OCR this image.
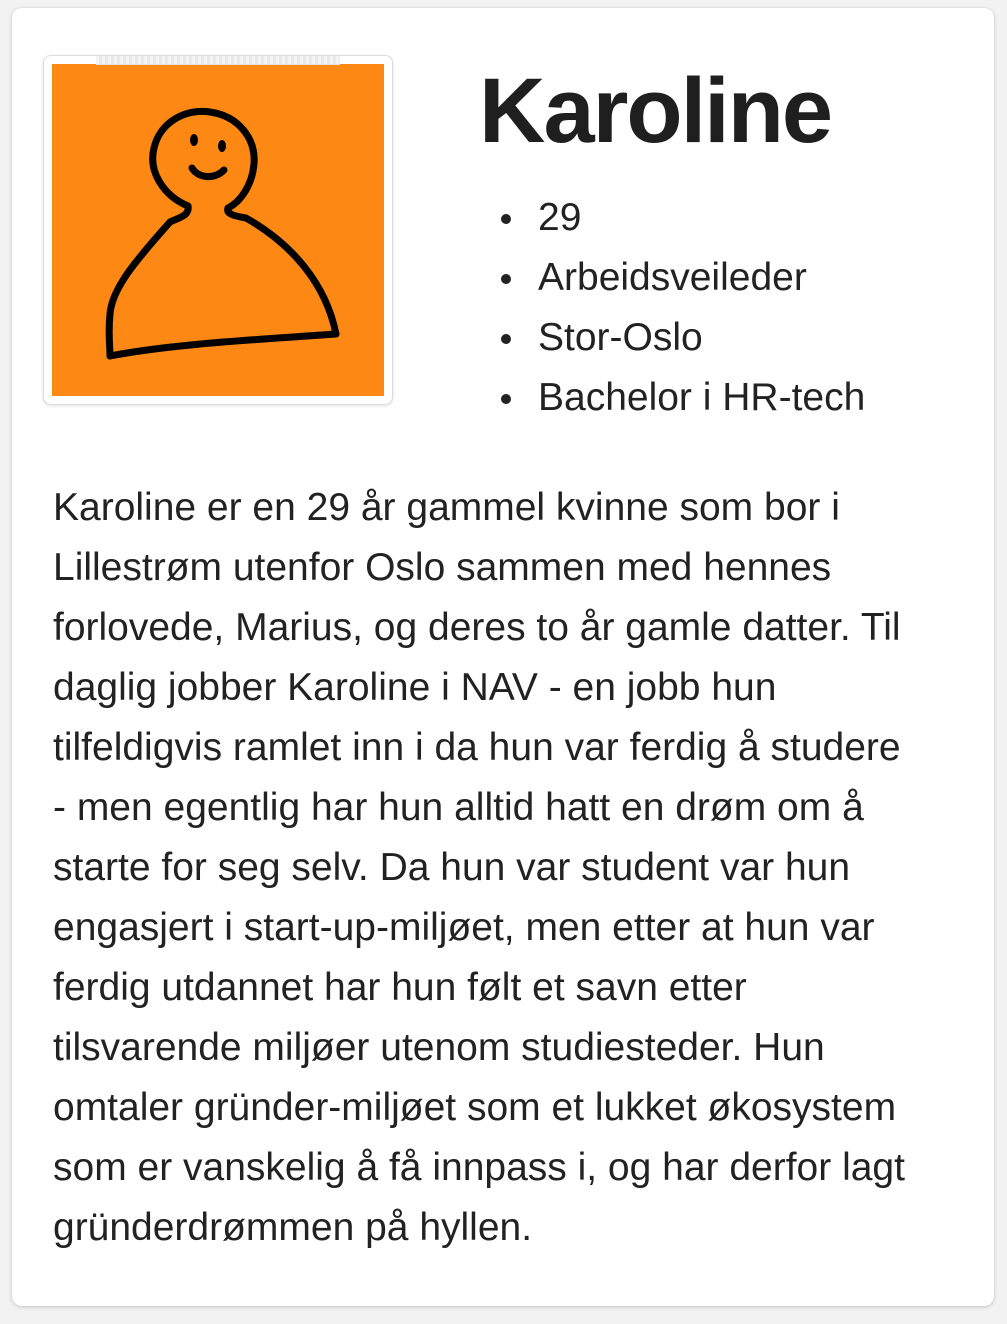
Karoline
29
Arbeidsveileder
Stor-Oslo
Bachelor i HR-tech

Karoline er en 29 år gammel kvinne som bor i
Lillestrøm utenfor Oslo sammen med hennes
forlovede, Marius, og deres to år gamle datter. Til
daglig jobber Karoline i NAV - en jobb hun
tilfeldigvis ramlet inn i da hun var ferdig å studere
- men egentlig har hun alltid hatt en drøm om å
starte for seg selv. Da hun var student var hun
engasjert i start-up-miljøet, men etter at hun var
ferdig utdannet har hun følt et savn etter
tilsvarende miljøer utenom studiesteder. Hun
omtaler gründer-miljøet som et lukket økosystem
som er vanskelig å få innpass i, og har derfor lagt
gründerdrømmen på hyllen.
